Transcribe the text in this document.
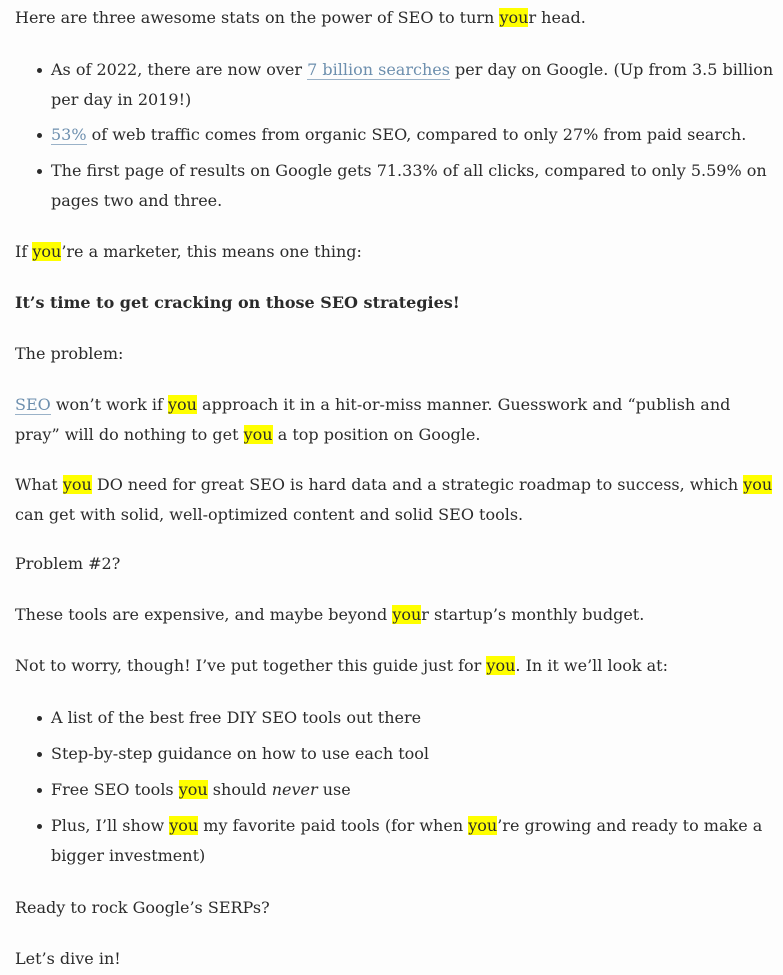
Here are three awesome stats on the power of SEO to turn your head.

As of 2022, there are now over 7 billion searches per day on Google. (Up from 3.5 billion per day in 2019!)
53% of web traffic comes from organic SEO, compared to only 27% from paid search.
The first page of results on Google gets 71.33% of all clicks, compared to only 5.59% on pages two and three.

If you’re a marketer, this means one thing:

It’s time to get cracking on those SEO strategies!

The problem:

SEO won’t work if you approach it in a hit-or-miss manner. Guesswork and “publish and pray” will do nothing to get you a top position on Google.

What you DO need for great SEO is hard data and a strategic roadmap to success, which you can get with solid, well-optimized content and solid SEO tools.

Problem #2?

These tools are expensive, and maybe beyond your startup’s monthly budget.

Not to worry, though! I’ve put together this guide just for you. In it we’ll look at:

A list of the best free DIY SEO tools out there
Step-by-step guidance on how to use each tool
Free SEO tools you should never use
Plus, I’ll show you my favorite paid tools (for when you’re growing and ready to make a bigger investment)

Ready to rock Google’s SERPs?

Let’s dive in!
